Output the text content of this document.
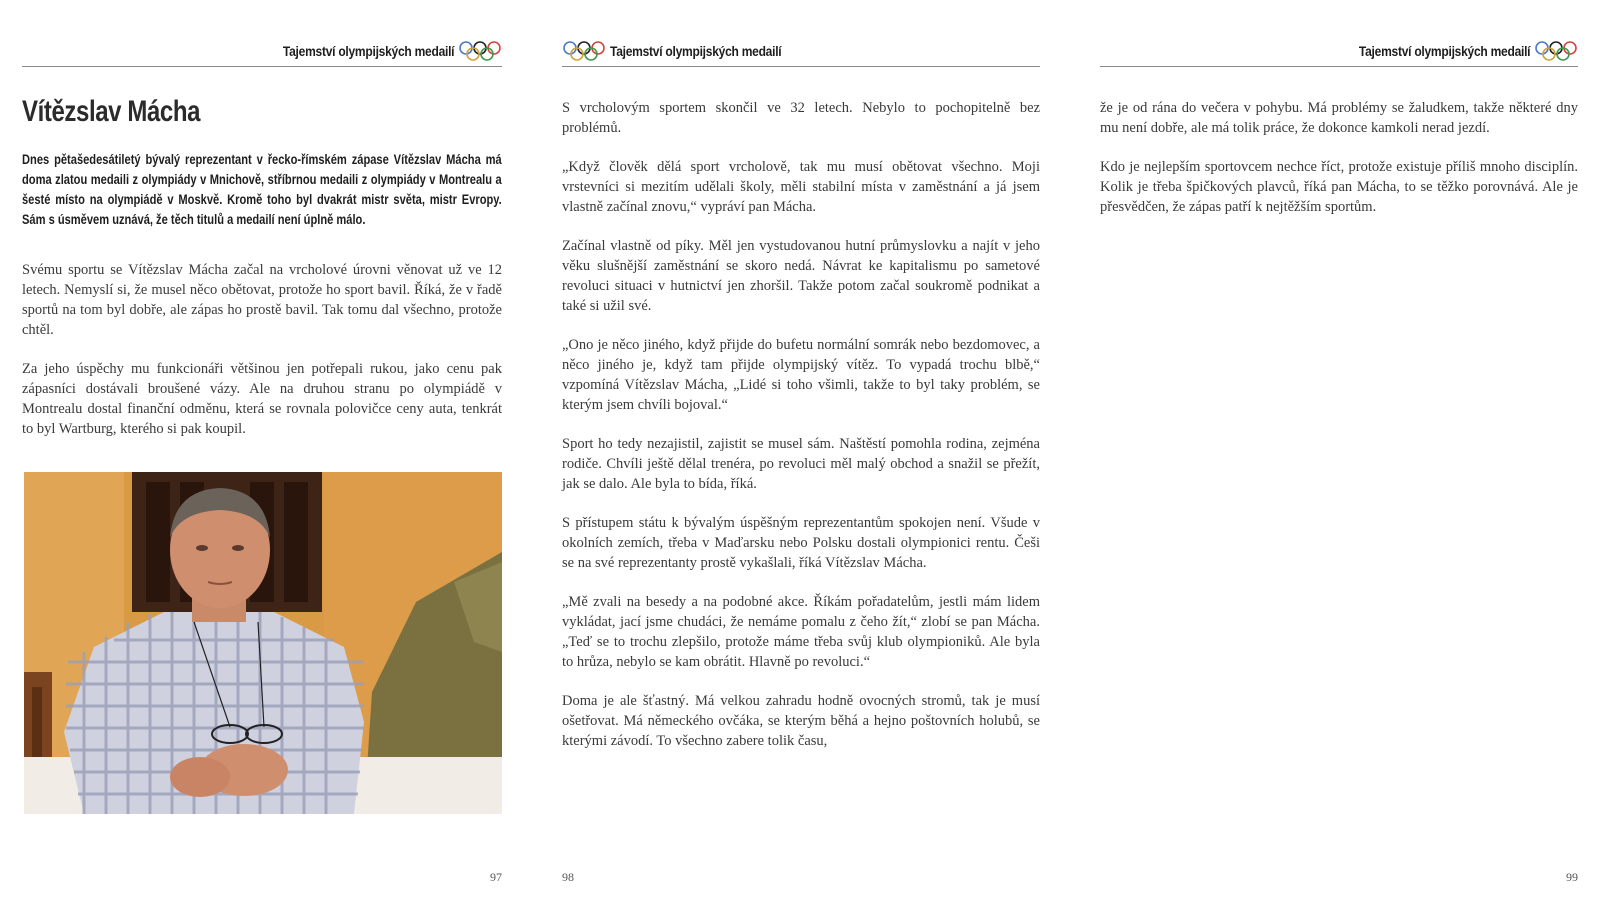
Tajemství olympijských medailí
Vítězslav Mácha

Dnes pětašedesátiletý bývalý reprezentant v řecko-římském zápase Vítězslav Mácha má doma zlatou medaili z olympiády v Mnichově, stříbrnou medaili z olympiády v Montrealu a šesté místo na olympiádě v Moskvě. Kromě toho byl dvakrát mistr světa, mistr Evropy. Sám s úsměvem uznává, že těch titulů a medailí není úplně málo.

Svému sportu se Vítězslav Mácha začal na vrcholové úrovni věnovat už ve 12 letech. Nemyslí si, že musel něco obětovat, protože ho sport bavil. Říká, že v řadě sportů na tom byl dobře, ale zápas ho prostě bavil. Tak tomu dal všechno, protože chtěl.

Za jeho úspěchy mu funkcionáři většinou jen potřepali rukou, jako cenu pak zápasníci dostávali broušené vázy. Ale na druhou stranu po olympiádě v Montrealu dostal finanční odměnu, která se rovnala polovičce ceny auta, tenkrát to byl Wartburg, kterého si pak koupil.

97
Tajemství olympijských medailí

S vrcholovým sportem skončil ve 32 letech. Nebylo to pochopitelně bez problémů.

„Když člověk dělá sport vrcholově, tak mu musí obětovat všechno. Moji vrstevníci si mezitím udělali školy, měli stabilní místa v zaměstnání a já jsem vlastně začínal znovu,“ vypráví pan Mácha.

Začínal vlastně od píky. Měl jen vystudovanou hutní průmyslovku a najít v jeho věku slušnější zaměstnání se skoro nedá. Návrat ke kapitalismu po sametové revoluci situaci v hutnictví jen zhoršil. Takže potom začal soukromě podnikat a také si užil své.

„Ono je něco jiného, když přijde do bufetu normální somrák nebo bezdomovec, a něco jiného je, když tam přijde olympijský vítěz. To vypadá trochu blbě,“ vzpomíná Vítězslav Mácha, „Lidé si toho všimli, takže to byl taky problém, se kterým jsem chvíli bojoval.“

Sport ho tedy nezajistil, zajistit se musel sám. Naštěstí pomohla rodina, zejména rodiče. Chvíli ještě dělal trenéra, po revoluci měl malý obchod a snažil se přežít, jak se dalo. Ale byla to bída, říká.

S přístupem státu k bývalým úspěšným reprezentantům spokojen není. Všude v okolních zemích, třeba v Maďarsku nebo Polsku dostali olympionici rentu. Češi se na své reprezentanty prostě vykašlali, říká Vítězslav Mácha.

„Mě zvali na besedy a na podobné akce. Říkám pořadatelům, jestli mám lidem vykládat, jací jsme chudáci, že nemáme pomalu z čeho žít,“ zlobí se pan Mácha. „Teď se to trochu zlepšilo, protože máme třeba svůj klub olympioniků. Ale byla to hrůza, nebylo se kam obrátit. Hlavně po revoluci.“

Doma je ale šťastný. Má velkou zahradu hodně ovocných stromů, tak je musí ošetřovat. Má německého ovčáka, se kterým běhá a hejno poštovních holubů, se kterými závodí. To všechno zabere tolik času,

98
Tajemství olympijských medailí

že je od rána do večera v pohybu. Má problémy se žaludkem, takže některé dny mu není dobře, ale má tolik práce, že dokonce kamkoli nerad jezdí.

Kdo je nejlepším sportovcem nechce říct, protože existuje příliš mnoho disciplín. Kolik je třeba špičkových plavců, říká pan Mácha, to se těžko porovnává. Ale je přesvědčen, že zápas patří k nejtěžším sportům.

99
